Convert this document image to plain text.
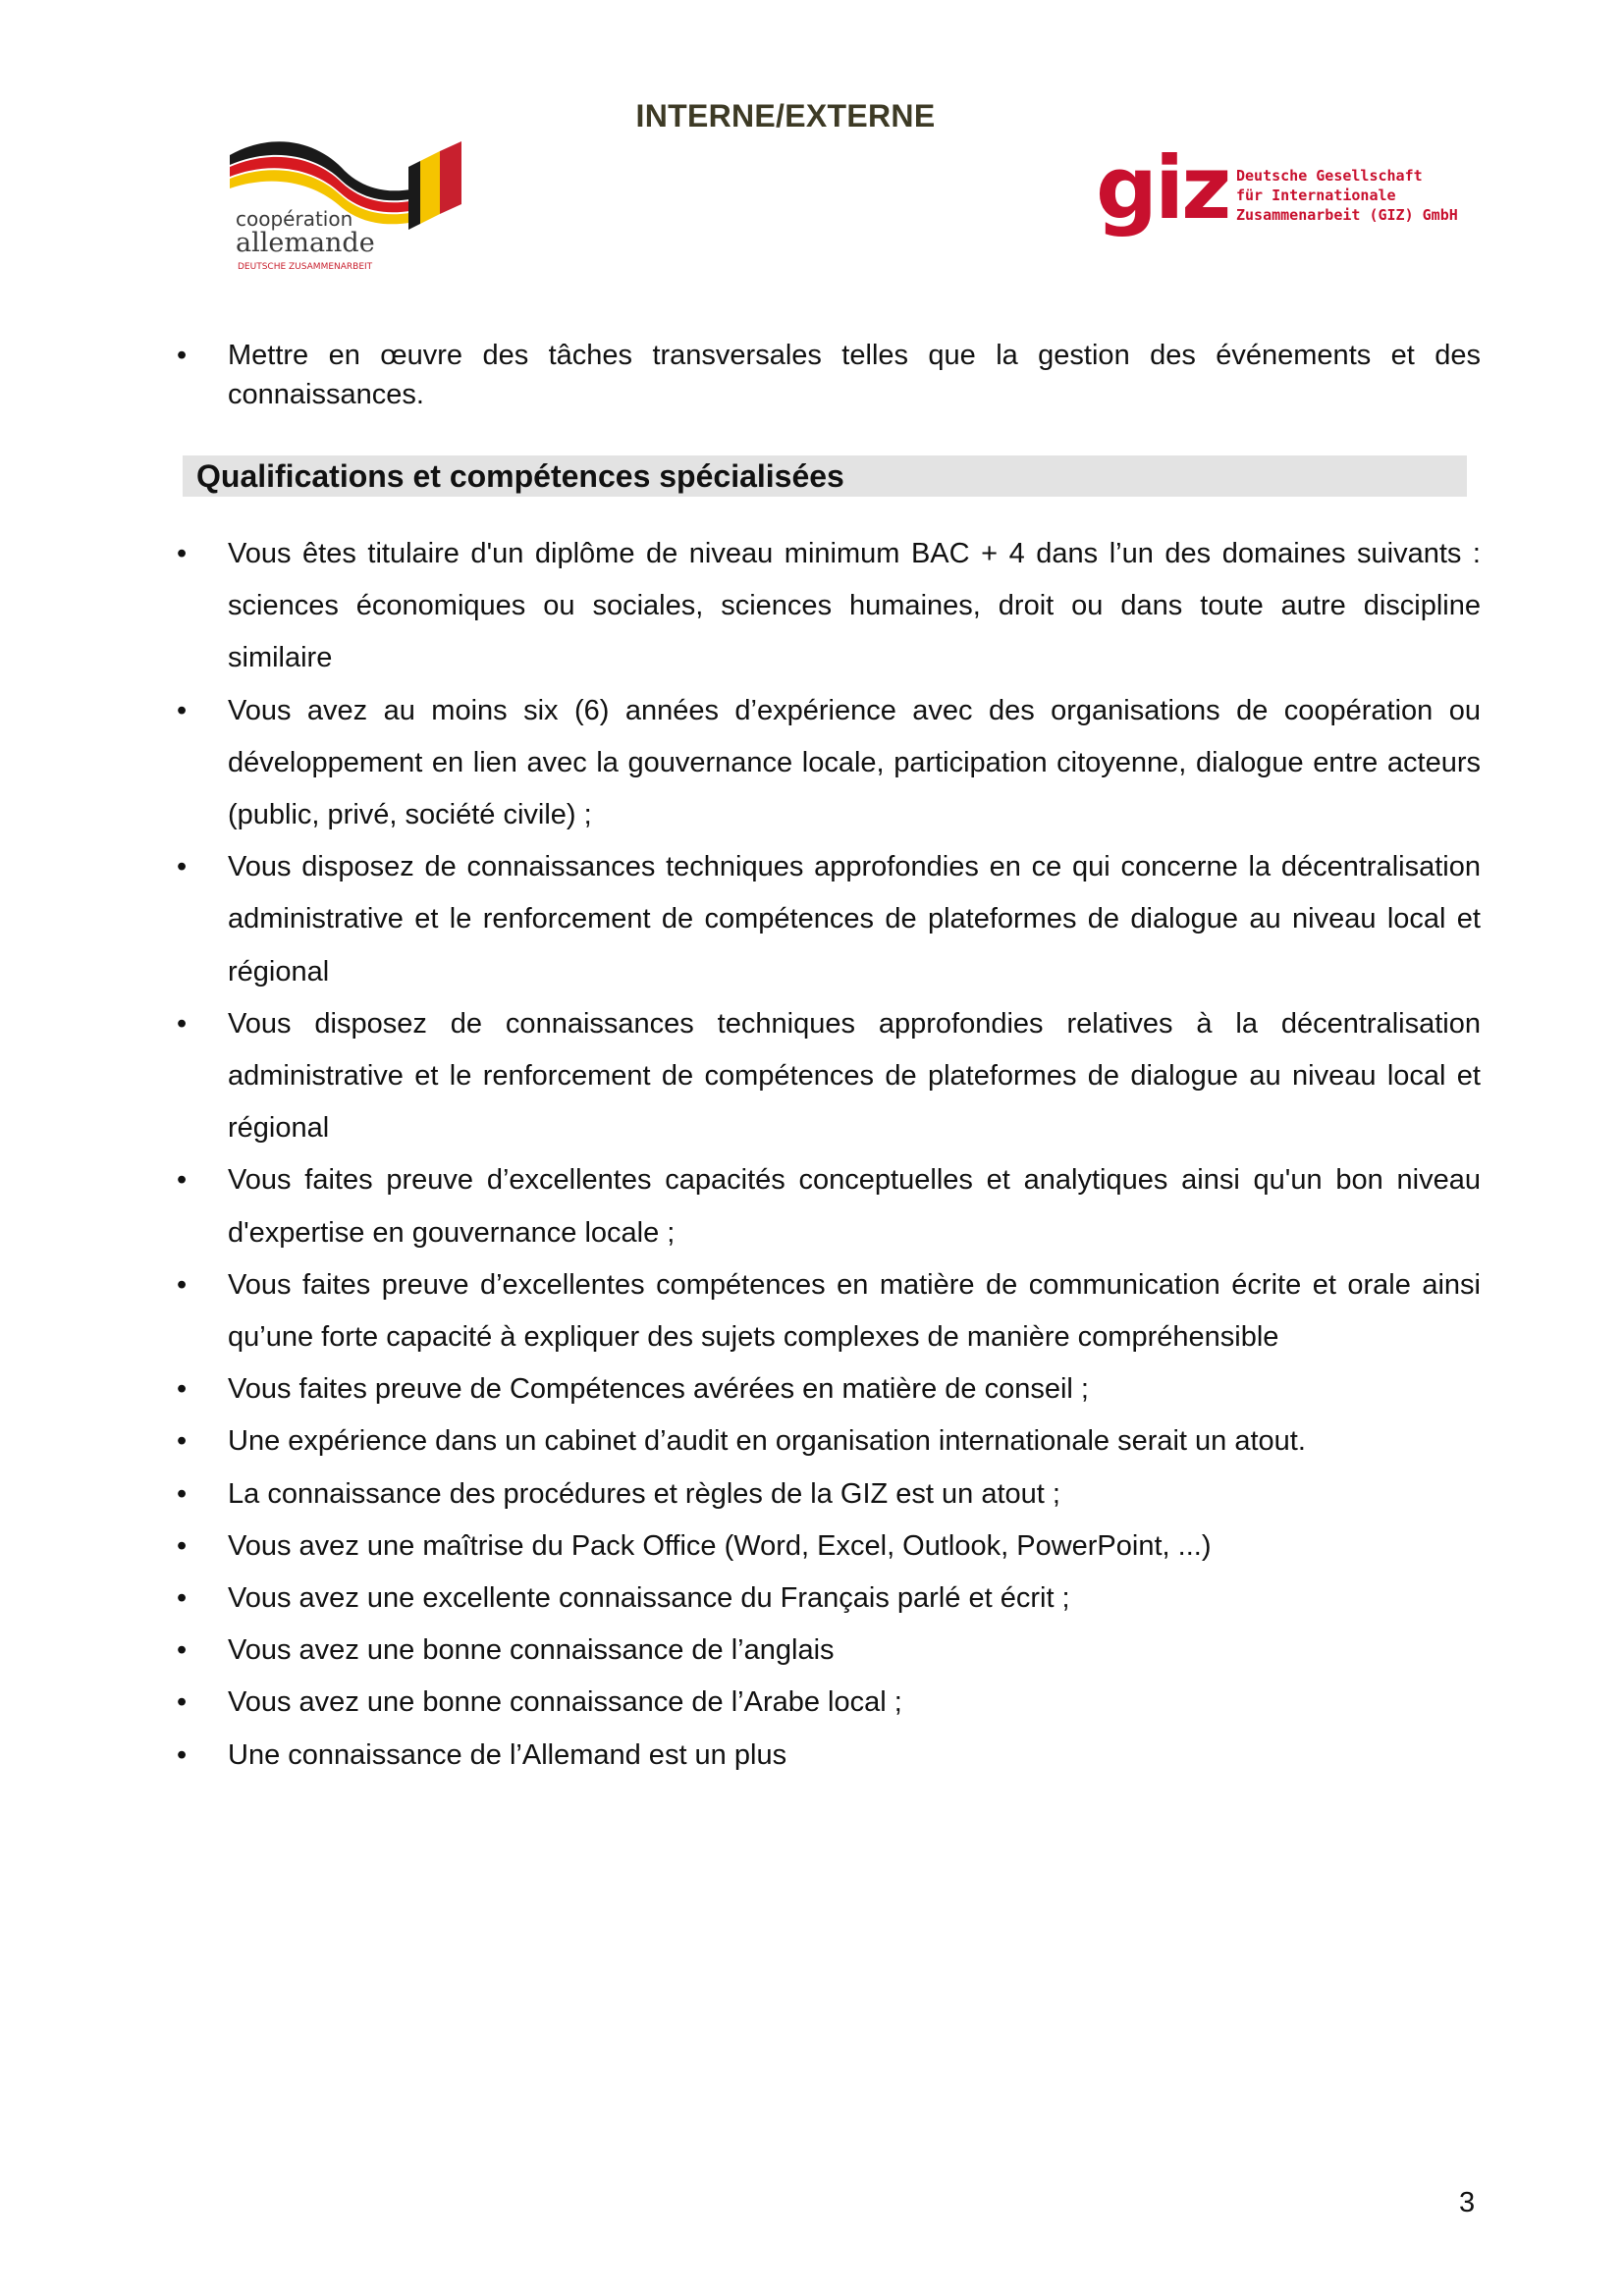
INTERNE/EXTERNE
coopération
allemande
DEUTSCHE ZUSAMMENARBEIT
giz Deutsche Gesellschaft
für Internationale
Zusammenarbeit (GIZ) GmbH
•	Mettre en œuvre des tâches transversales telles que la gestion des événements et des connaissances.
Qualifications et compétences spécialisées
•	Vous êtes titulaire d'un diplôme de niveau minimum BAC + 4 dans l’un des domaines suivants : sciences économiques ou sociales, sciences humaines, droit ou dans toute autre discipline similaire
•	Vous avez au moins six (6) années d’expérience avec des organisations de coopération ou développement en lien avec la gouvernance locale, participation citoyenne, dialogue entre acteurs (public, privé, société civile) ;
•	Vous disposez de connaissances techniques approfondies en ce qui concerne la décentralisation administrative et le renforcement de compétences de plateformes de dialogue au niveau local et régional
•	Vous disposez de connaissances techniques approfondies relatives à la décentralisation administrative et le renforcement de compétences de plateformes de dialogue au niveau local et régional
•	Vous faites preuve d’excellentes capacités conceptuelles et analytiques ainsi qu'un bon niveau d'expertise en gouvernance locale ;
•	Vous faites preuve d’excellentes compétences en matière de communication écrite et orale ainsi qu’une forte capacité à expliquer des sujets complexes de manière compréhensible
•	Vous faites preuve de Compétences avérées en matière de conseil ;
•	Une expérience dans un cabinet d’audit en organisation internationale serait un atout.
•	La connaissance des procédures et règles de la GIZ est un atout ;
•	Vous avez une maîtrise du Pack Office (Word, Excel, Outlook, PowerPoint, ...)
•	Vous avez une excellente connaissance du Français parlé et écrit ;
•	Vous avez une bonne connaissance de l’anglais
•	Vous avez une bonne connaissance de l’Arabe local ;
•	Une connaissance de l’Allemand est un plus
3
